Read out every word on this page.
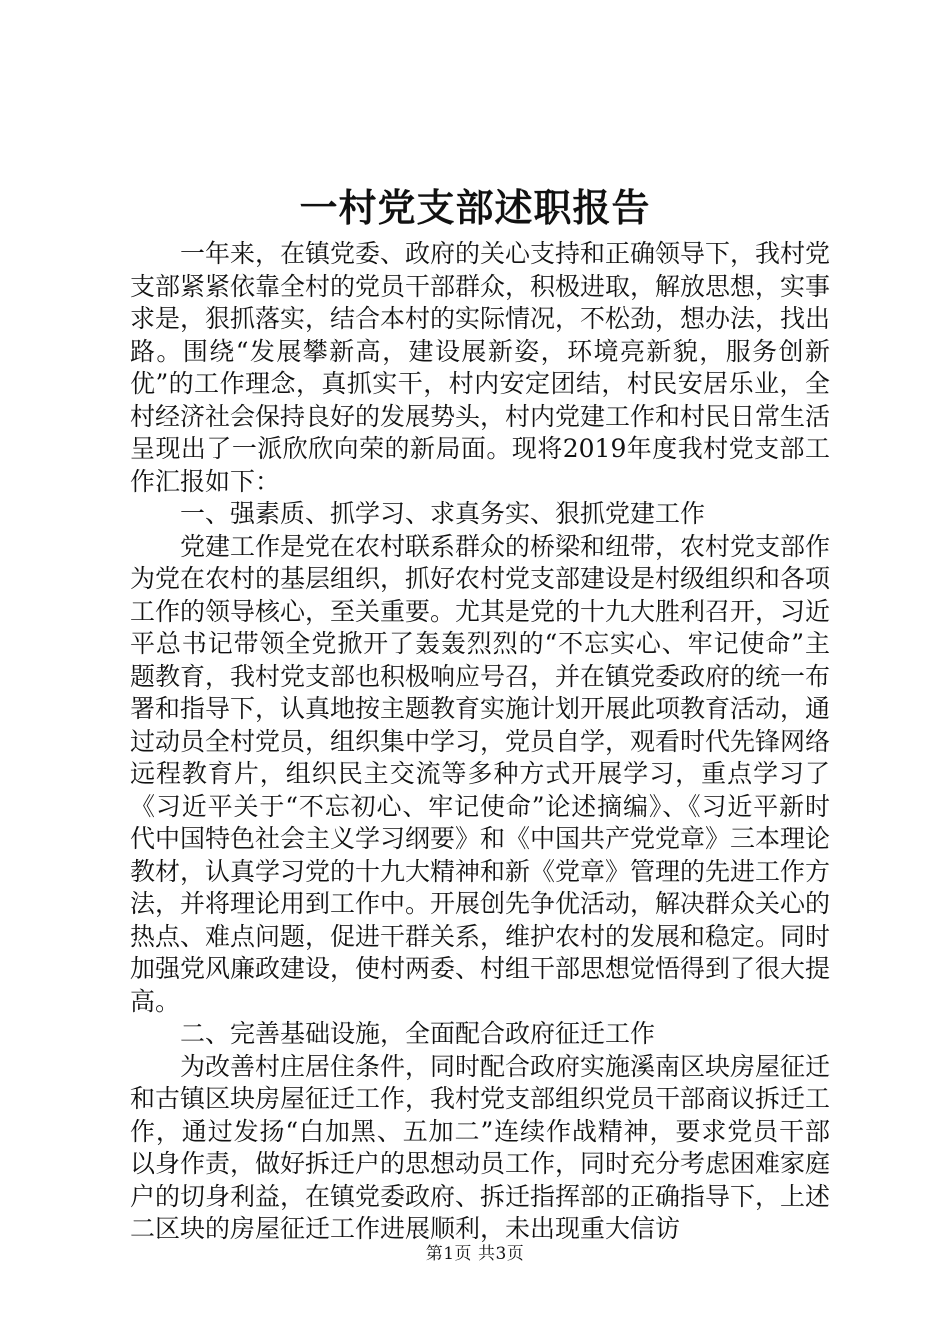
一村党支部述职报告

一年来，在镇党委、政府的关心支持和正确领导下，我村党支部紧紧依靠全村的党员干部群众，积极进取，解放思想，实事求是，狠抓落实，结合本村的实际情况，不松劲，想办法，找出路。围绕“发展攀新高，建设展新姿，环境亮新貌，服务创新优”的工作理念，真抓实干，村内安定团结，村民安居乐业，全村经济社会保持良好的发展势头，村内党建工作和村民日常生活呈现出了一派欣欣向荣的新局面。现将2019年度我村党支部工作汇报如下：

一、强素质、抓学习、求真务实、狠抓党建工作

党建工作是党在农村联系群众的桥梁和纽带，农村党支部作为党在农村的基层组织，抓好农村党支部建设是村级组织和各项工作的领导核心，至关重要。尤其是党的十九大胜利召开，习近平总书记带领全党掀开了轰轰烈烈的“不忘实心、牢记使命”主题教育，我村党支部也积极响应号召，并在镇党委政府的统一布署和指导下，认真地按主题教育实施计划开展此项教育活动，通过动员全村党员，组织集中学习，党员自学，观看时代先锋网络远程教育片，组织民主交流等多种方式开展学习，重点学习了《习近平关于“不忘初心、牢记使命”论述摘编》、《习近平新时代中国特色社会主义学习纲要》和《中国共产党党章》三本理论教材，认真学习党的十九大精神和新《党章》管理的先进工作方法，并将理论用到工作中。开展创先争优活动，解决群众关心的热点、难点问题，促进干群关系，维护农村的发展和稳定。同时加强党风廉政建设，使村两委、村组干部思想觉悟得到了很大提高。

二、完善基础设施，全面配合政府征迁工作

为改善村庄居住条件，同时配合政府实施溪南区块房屋征迁和古镇区块房屋征迁工作，我村党支部组织党员干部商议拆迁工作，通过发扬“白加黑、五加二”连续作战精神，要求党员干部以身作责，做好拆迁户的思想动员工作，同时充分考虑困难家庭户的切身利益，在镇党委政府、拆迁指挥部的正确指导下，上述二区块的房屋征迁工作进展顺利，未出现重大信访

第1页 共3页
